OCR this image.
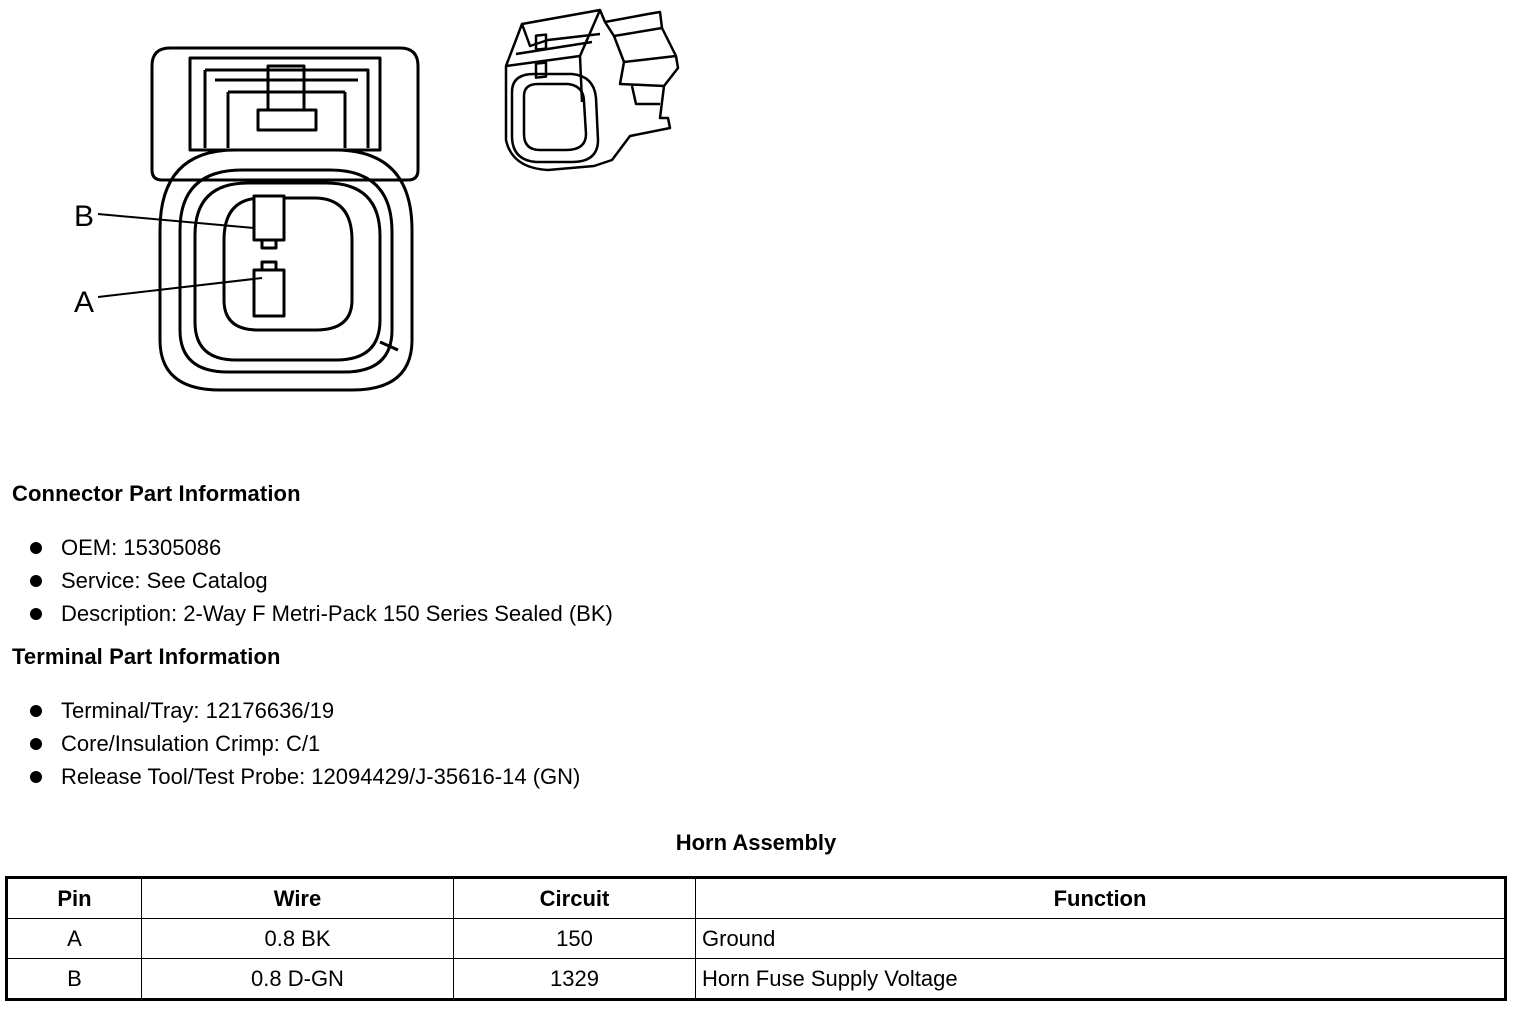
B
A
Connector Part Information
OEM: 15305086
Service: See Catalog
Description: 2-Way F Metri-Pack 150 Series Sealed (BK)
Terminal Part Information
Terminal/Tray: 12176636/19
Core/Insulation Crimp: C/1
Release Tool/Test Probe: 12094429/J-35616-14 (GN)
Horn Assembly
Pin	Wire	Circuit	Function
A	0.8 BK	150	Ground
B	0.8 D-GN	1329	Horn Fuse Supply Voltage
